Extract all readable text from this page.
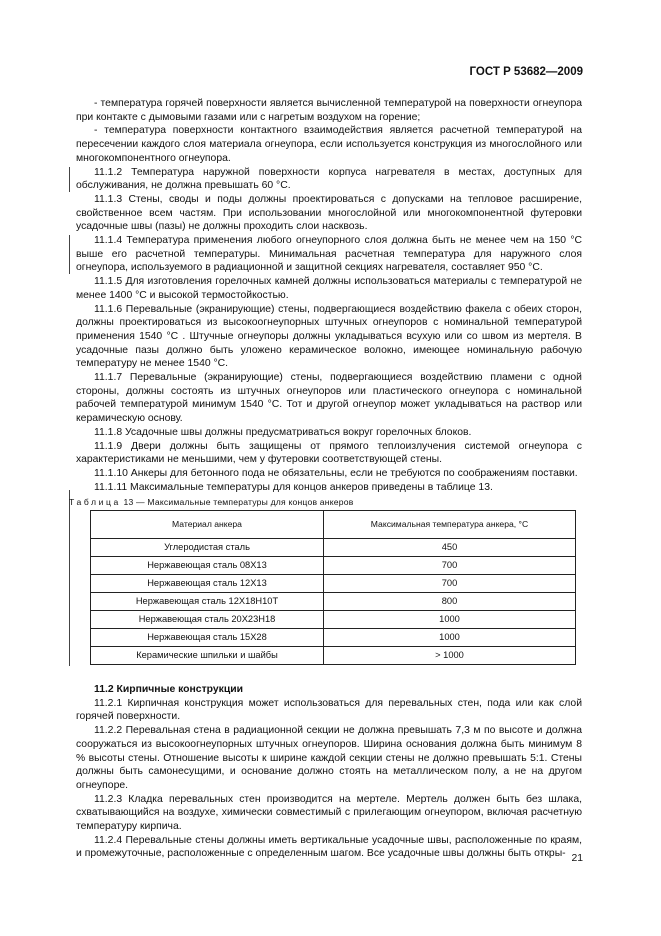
ГОСТ Р 53682—2009

- температура горячей поверхности является вычисленной температурой на поверхности огнеупора при контакте с дымовыми газами или с нагретым воздухом на горение;

- температура поверхности контактного взаимодействия является расчетной температурой на пересечении каждого слоя материала огнеупора, если используется конструкция из многослойного или многокомпонентного огнеупора.

11.1.2 Температура наружной поверхности корпуса нагревателя в местах, доступных для обслуживания, не должна превышать 60 °С.

11.1.3 Стены, своды и поды должны проектироваться с допусками на тепловое расширение, свойственное всем частям. При использовании многослойной или многокомпонентной футеровки усадочные швы (пазы) не должны проходить слои насквозь.

11.1.4 Температура применения любого огнеупорного слоя должна быть не менее чем на 150 °С выше его расчетной температуры. Минимальная расчетная температура для наружного слоя огнеупора, используемого в радиационной и защитной секциях нагревателя, составляет 950 °С.

11.1.5 Для изготовления горелочных камней должны использоваться материалы с температурой не менее 1400 °С и высокой термостойкостью.

11.1.6 Перевальные (экранирующие) стены, подвергающиеся воздействию факела с обеих сторон, должны проектироваться из высокоогнеупорных штучных огнеупоров с номинальной температурой применения 1540 °С . Штучные огнеупоры должны укладываться всухую или со швом из мертеля. В усадочные пазы должно быть уложено керамическое волокно, имеющее номинальную рабочую температуру не менее 1540 °С.

11.1.7 Перевальные (экранирующие) стены, подвергающиеся воздействию пламени с одной стороны, должны состоять из штучных огнеупоров или пластического огнеупора с номинальной рабочей температурой минимум 1540 °С. Тот и другой огнеупор может укладываться на раствор или керамическую основу.

11.1.8 Усадочные швы должны предусматриваться вокруг горелочных блоков.

11.1.9 Двери должны быть защищены от прямого теплоизлучения системой огнеупора с характеристиками не меньшими, чем у футеровки соответствующей стены.

11.1.10 Анкеры для бетонного пода не обязательны, если не требуются по соображениям поставки.

11.1.11 Максимальные температуры для концов анкеров приведены в таблице 13.

Таблица 13 — Максимальные температуры для концов анкеров
Материал анкера	Максимальная температура анкера, °С
Углеродистая сталь	450
Нержавеющая сталь 08Х13	700
Нержавеющая сталь 12Х13	700
Нержавеющая сталь 12Х18Н10Т	800
Нержавеющая сталь 20Х23Н18	1000
Нержавеющая сталь 15Х28	1000
Керамические шпильки и шайбы	> 1000

11.2 Кирпичные конструкции

11.2.1 Кирпичная конструкция может использоваться для перевальных стен, пода или как слой горячей поверхности.

11.2.2 Перевальная стена в радиационной секции не должна превышать 7,3 м по высоте и должна сооружаться из высокоогнеупорных штучных огнеупоров. Ширина основания должна быть минимум 8 % высоты стены. Отношение высоты к ширине каждой секции стены не должно превышать 5:1. Стены должны быть самонесущими, и основание должно стоять на металлическом полу, а не на другом огнеупоре.

11.2.3 Кладка перевальных стен производится на мертеле. Мертель должен быть без шлака, схватывающийся на воздухе, химически совместимый с прилегающим огнеупором, включая расчетную температуру кирпича.

11.2.4 Перевальные стены должны иметь вертикальные усадочные швы, расположенные по краям, и промежуточные, расположенные с определенным шагом. Все усадочные швы должны быть откры- 21
